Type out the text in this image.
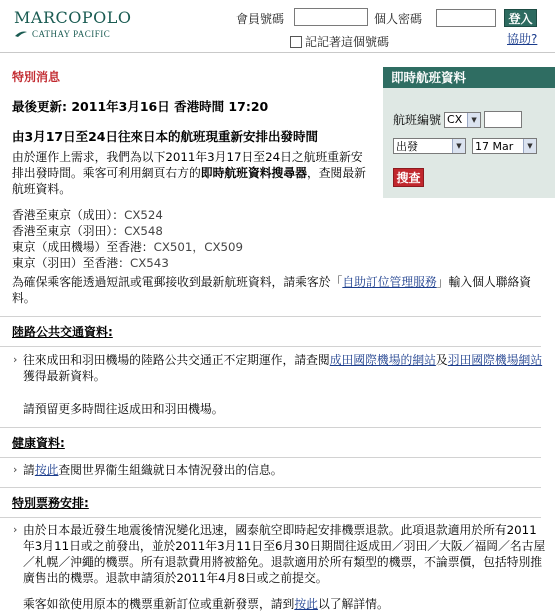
MARCOPOLO
CATHAY PACIFIC
會員號碼	個人密碼	登入
記記著這個號碼	協助?
特別消息
最後更新: 2011年3月16日 香港時間 17:20
由3月17日至24日往來日本的航班現重新安排出發時間
由於運作上需求，我們為以下2011年3月17日至24日之航班重新安排出發時間。乘客可利用網頁右方的即時航班資料搜尋器，查閱最新航班資料。
香港至東京（成田）：CX524
香港至東京（羽田）：CX548
東京（成田機場）至香港：CX501，CX509
東京（羽田）至香港：CX543
為確保乘客能透過短訊或電郵接收到最新航班資料，請乘客於「自助訂位管理服務」輸入個人聯絡資料。
陸路公共交通資料:
› 往來成田和羽田機場的陸路公共交通正不定期運作，請查閱成田國際機場的網站及羽田國際機場網站獲得最新資料。
請預留更多時間往返成田和羽田機場。
健康資料:
› 請按此查閱世界衞生組織就日本情況發出的信息。
特別票務安排:
› 由於日本最近發生地震後情況變化迅速，國泰航空即時起安排機票退款。此項退款適用於所有2011年3月11日或之前發出，並於2011年3月11日至6月30日期間往返成田／羽田／大阪／福岡／名古屋／札幌／沖繩的機票。所有退款費用將被豁免。退款適用於所有類型的機票，不論票價，包括特別推廣售出的機票。退款申請須於2011年4月8日或之前提交。
乘客如欲使用原本的機票重新訂位或重新發票，請到按此以了解詳情。
即時航班資料
航班編號 CX	▼
出發	▼	17 Mar	▼
搜查
